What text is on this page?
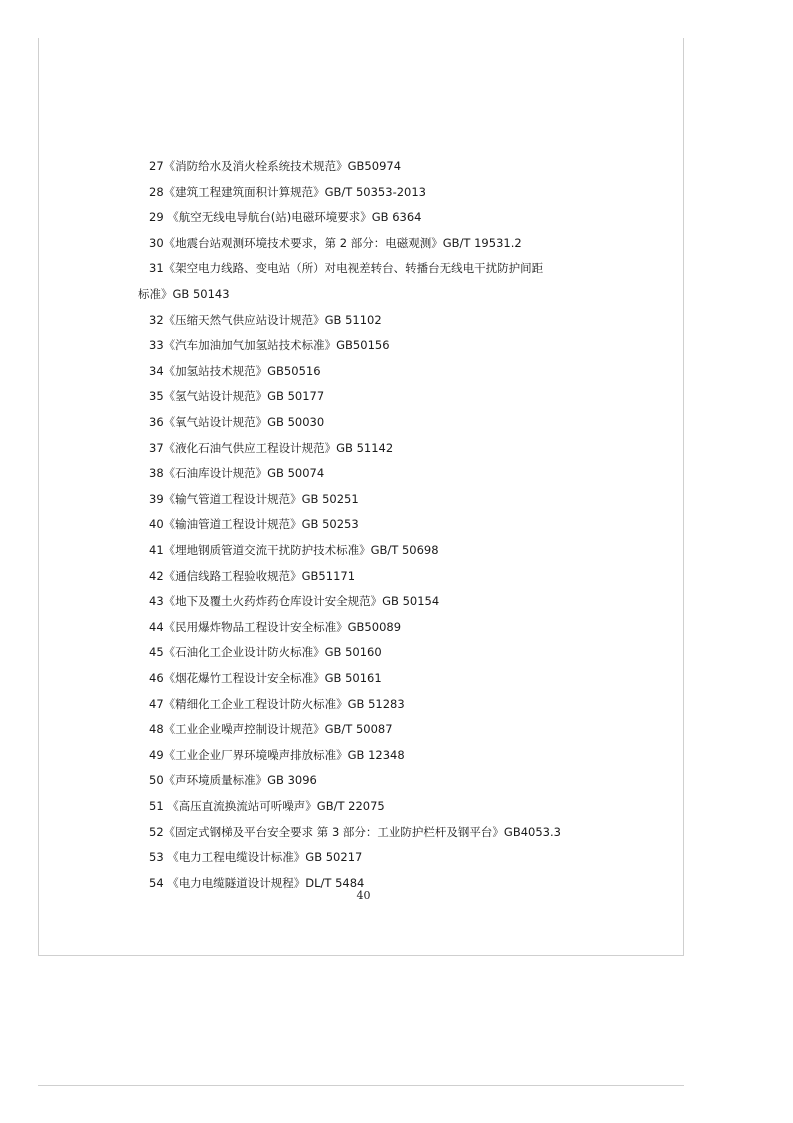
27《消防给水及消火栓系统技术规范》GB50974
28《建筑工程建筑面积计算规范》GB/T 50353-2013
29 《航空无线电导航台(站)电磁环境要求》GB 6364
30《地震台站观测环境技术要求，第 2 部分：电磁观测》GB/T 19531.2
31《架空电力线路、变电站（所）对电视差转台、转播台无线电干扰防护间距
标准》GB 50143
32《压缩天然气供应站设计规范》GB 51102
33《汽车加油加气加氢站技术标准》GB50156
34《加氢站技术规范》GB50516
35《氢气站设计规范》GB 50177
36《氧气站设计规范》GB 50030
37《液化石油气供应工程设计规范》GB 51142
38《石油库设计规范》GB 50074
39《输气管道工程设计规范》GB 50251
40《输油管道工程设计规范》GB 50253
41《埋地钢质管道交流干扰防护技术标准》GB/T 50698
42《通信线路工程验收规范》GB51171
43《地下及覆土火药炸药仓库设计安全规范》GB 50154
44《民用爆炸物品工程设计安全标准》GB50089
45《石油化工企业设计防火标准》GB 50160
46《烟花爆竹工程设计安全标准》GB 50161
47《精细化工企业工程设计防火标准》GB 51283
48《工业企业噪声控制设计规范》GB/T 50087
49《工业企业厂界环境噪声排放标准》GB 12348
50《声环境质量标准》GB 3096
51 《高压直流换流站可听噪声》GB/T 22075
52《固定式钢梯及平台安全要求 第 3 部分：工业防护栏杆及钢平台》GB4053.3
53 《电力工程电缆设计标准》GB 50217
54 《电力电缆隧道设计规程》DL/T 5484
40
